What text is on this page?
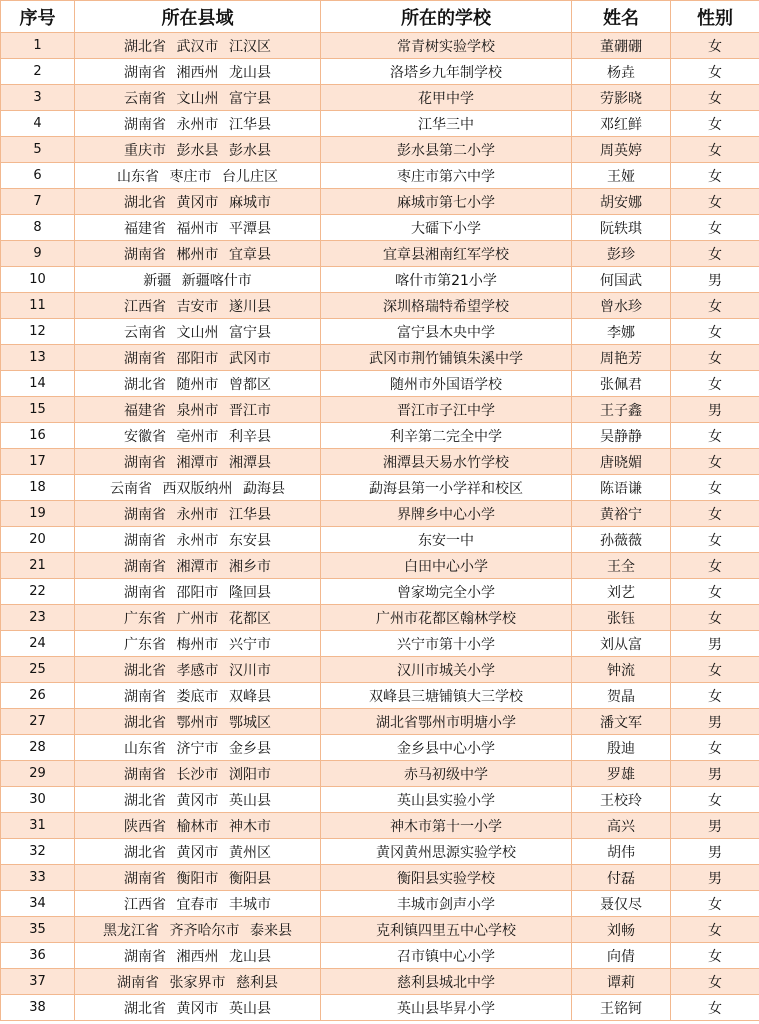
序号	所在县域	所在的学校	姓名	性别
1	湖北省 武汉市 江汉区	常青树实验学校	董硼硼	女
2	湖南省 湘西州 龙山县	洛塔乡九年制学校	杨垚	女
3	云南省 文山州 富宁县	花甲中学	劳影晓	女
4	湖南省 永州市 江华县	江华三中	邓红鲜	女
5	重庆市 彭水县 彭水县	彭水县第二小学	周英婷	女
6	山东省 枣庄市 台儿庄区	枣庄市第六中学	王娅	女
7	湖北省 黄冈市 麻城市	麻城市第七小学	胡安娜	女
8	福建省 福州市 平潭县	大礌下小学	阮轶琪	女
9	湖南省 郴州市 宜章县	宜章县湘南红军学校	彭珍	女
10	新疆 新疆喀什市	喀什市第21小学	何国武	男
11	江西省 吉安市 遂川县	深圳格瑞特希望学校	曾水珍	女
12	云南省 文山州 富宁县	富宁县木央中学	李娜	女
13	湖南省 邵阳市 武冈市	武冈市荆竹铺镇朱溪中学	周艳芳	女
14	湖北省 随州市 曾都区	随州市外国语学校	张佩君	女
15	福建省 泉州市 晋江市	晋江市子江中学	王子鑫	男
16	安徽省 亳州市 利辛县	利辛第二完全中学	吴静静	女
17	湖南省 湘潭市 湘潭县	湘潭县天易水竹学校	唐晓媚	女
18	云南省 西双版纳州 勐海县	勐海县第一小学祥和校区	陈语谦	女
19	湖南省 永州市 江华县	界牌乡中心小学	黄裕宁	女
20	湖南省 永州市 东安县	东安一中	孙薇薇	女
21	湖南省 湘潭市 湘乡市	白田中心小学	王全	女
22	湖南省 邵阳市 隆回县	曾家坳完全小学	刘艺	女
23	广东省 广州市 花都区	广州市花都区翰林学校	张钰	女
24	广东省 梅州市 兴宁市	兴宁市第十小学	刘从富	男
25	湖北省 孝感市 汉川市	汉川市城关小学	钟流	女
26	湖南省 娄底市 双峰县	双峰县三塘铺镇大三学校	贺晶	女
27	湖北省 鄂州市 鄂城区	湖北省鄂州市明塘小学	潘文军	男
28	山东省 济宁市 金乡县	金乡县中心小学	殷迪	女
29	湖南省 长沙市 浏阳市	赤马初级中学	罗雄	男
30	湖北省 黄冈市 英山县	英山县实验小学	王校玲	女
31	陕西省 榆林市 神木市	神木市第十一小学	高兴	男
32	湖北省 黄冈市 黄州区	黄冈黄州思源实验学校	胡伟	男
33	湖南省 衡阳市 衡阳县	衡阳县实验学校	付磊	男
34	江西省 宜春市 丰城市	丰城市剑声小学	聂仅尽	女
35	黑龙江省 齐齐哈尔市 泰来县	克利镇四里五中心学校	刘畅	女
36	湖南省 湘西州 龙山县	召市镇中心小学	向倩	女
37	湖南省 张家界市 慈利县	慈利县城北中学	谭莉	女
38	湖北省 黄冈市 英山县	英山县毕昇小学	王铭钶	女
